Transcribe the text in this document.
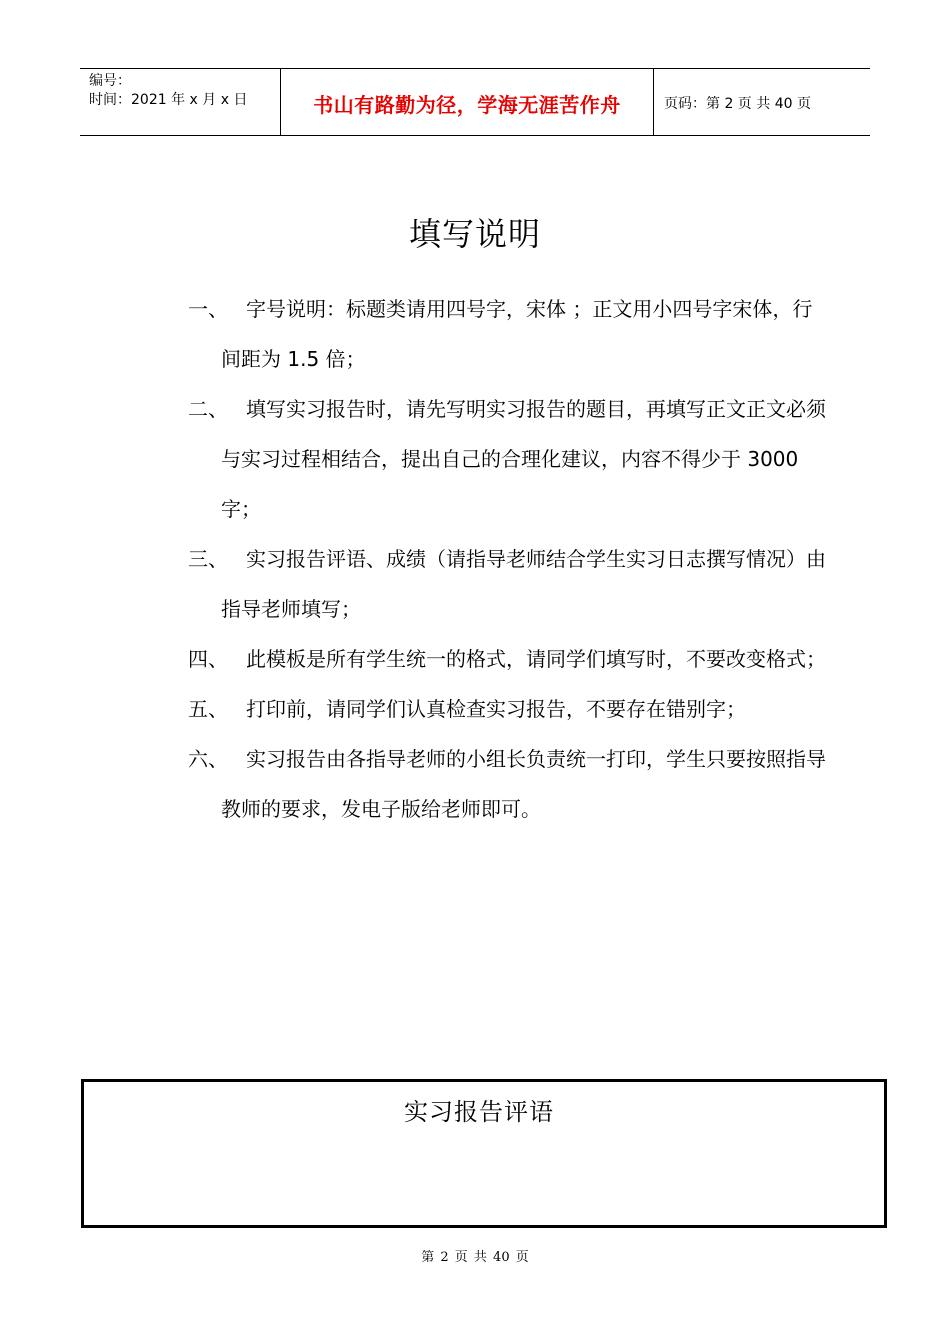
编号：
时间：2021 年 x 月 x 日	书山有路勤为径，学海无涯苦作舟	页码：第 2 页 共 40 页
填写说明
一、 字号说明：标题类请用四号字，宋体 ；正文用小四号字宋体，行间距为 1.5 倍；
二、 填写实习报告时，请先写明实习报告的题目，再填写正文正文必须与实习过程相结合，提出自己的合理化建议，内容不得少于 3000 字；
三、 实习报告评语、成绩（请指导老师结合学生实习日志撰写情况）由指导老师填写；
四、 此模板是所有学生统一的格式，请同学们填写时，不要改变格式；
五、 打印前，请同学们认真检查实习报告，不要存在错别字；
六、 实习报告由各指导老师的小组长负责统一打印，学生只要按照指导教师的要求，发电子版给老师即可。
实习报告评语
第 2 页 共 40 页
